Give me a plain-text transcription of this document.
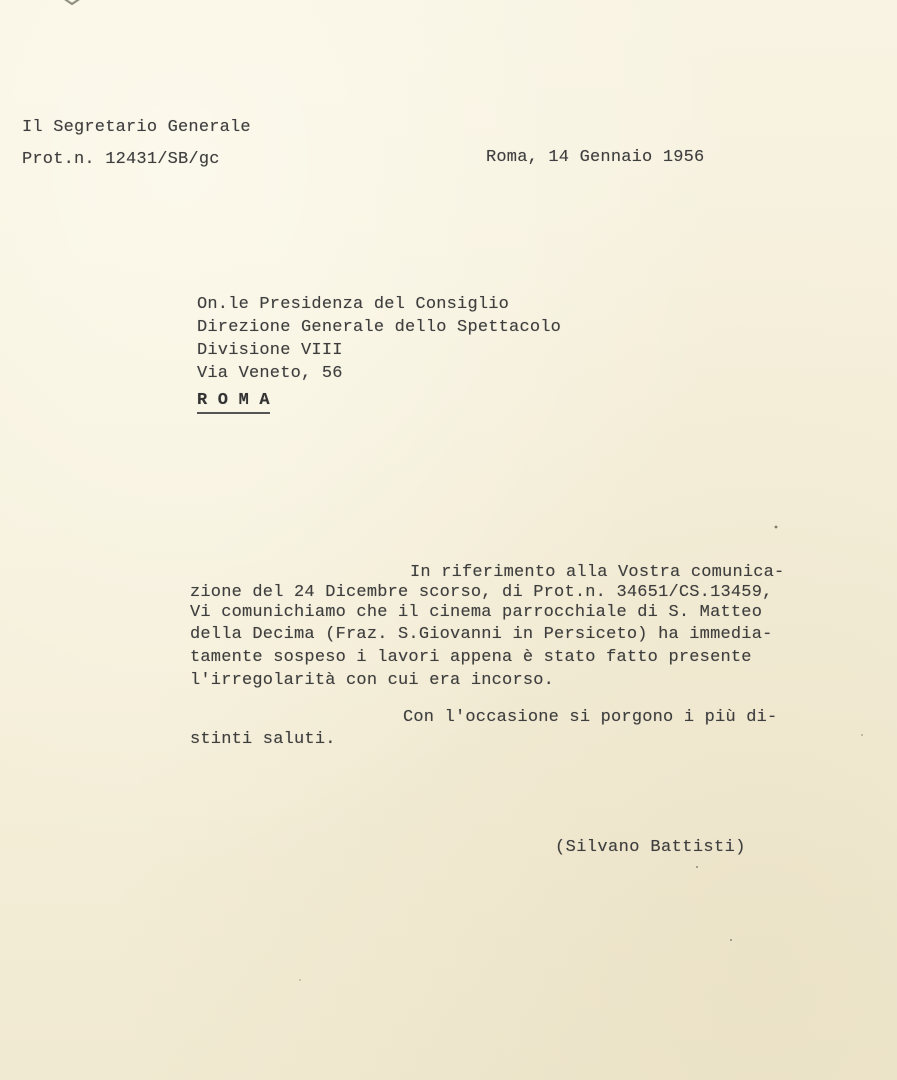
Il Segretario Generale
Prot.n. 12431/SB/gc	Roma, 14 Gennaio 1956
On.le Presidenza del Consiglio
Direzione Generale dello Spettacolo
Divisione VIII
Via Veneto, 56
R O M A
In riferimento alla Vostra comunica-
zione del 24 Dicembre scorso, di Prot.n. 34651/CS.13459,
Vi comunichiamo che il cinema parrocchiale di S. Matteo
della Decima (Fraz. S.Giovanni in Persiceto) ha immedia-
tamente sospeso i lavori appena è stato fatto presente
l'irregolarità con cui era incorso.
Con l'occasione si porgono i più di-
stinti saluti.
(Silvano Battisti)
